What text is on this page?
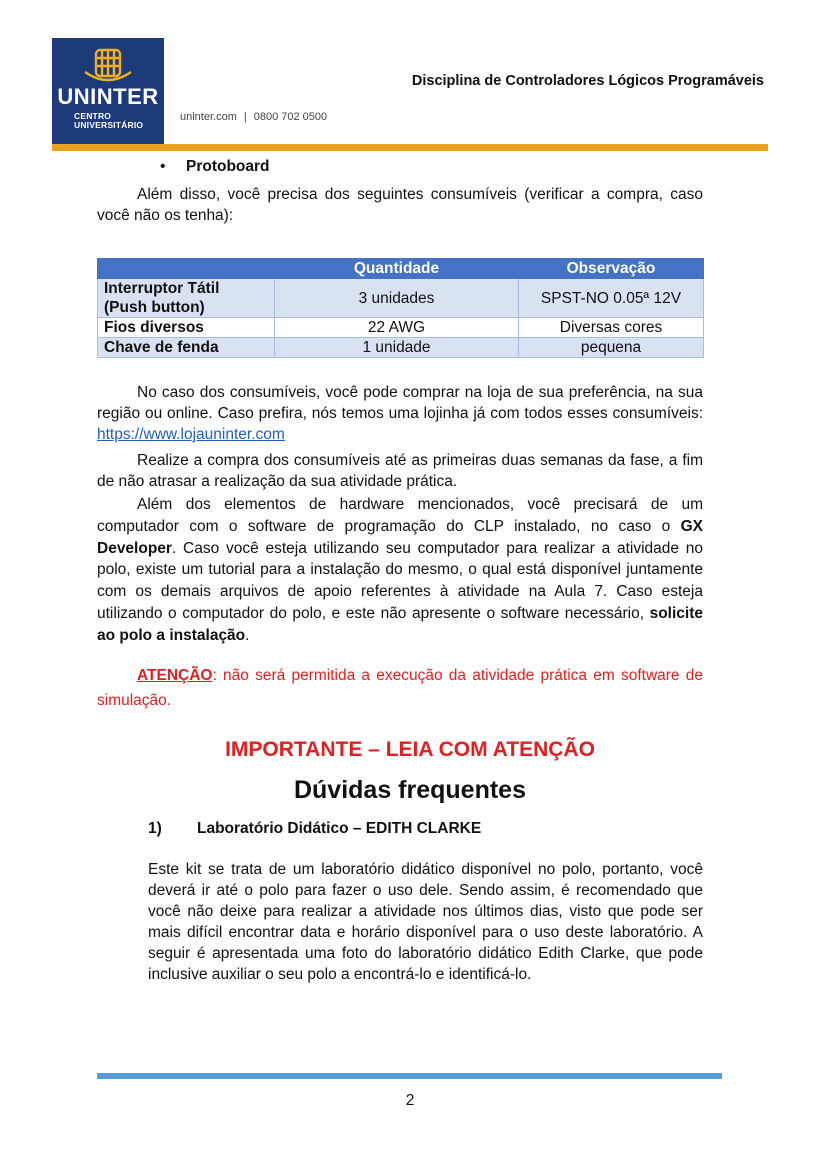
UNINTER
CENTRO
UNIVERSITÁRIO
uninter.com | 0800 702 0500
Disciplina de Controladores Lógicos Programáveis
• Protoboard
Além disso, você precisa dos seguintes consumíveis (verificar a compra, caso você não os tenha):
	Quantidade	Observação
Interruptor Tátil
(Push button)	3 unidades	SPST-NO 0.05ª 12V
Fios diversos	22 AWG	Diversas cores
Chave de fenda	1 unidade	pequena
No caso dos consumíveis, você pode comprar na loja de sua preferência, na sua região ou online. Caso prefira, nós temos uma lojinha já com todos esses consumíveis: https://www.lojauninter.com
Realize a compra dos consumíveis até as primeiras duas semanas da fase, a fim de não atrasar a realização da sua atividade prática.
Além dos elementos de hardware mencionados, você precisará de um computador com o software de programação do CLP instalado, no caso o GX Developer. Caso você esteja utilizando seu computador para realizar a atividade no polo, existe um tutorial para a instalação do mesmo, o qual está disponível juntamente com os demais arquivos de apoio referentes à atividade na Aula 7. Caso esteja utilizando o computador do polo, e este não apresente o software necessário, solicite ao polo a instalação.
ATENÇÃO: não será permitida a execução da atividade prática em software de simulação.
IMPORTANTE – LEIA COM ATENÇÃO
Dúvidas frequentes
1) Laboratório Didático – EDITH CLARKE
Este kit se trata de um laboratório didático disponível no polo, portanto, você deverá ir até o polo para fazer o uso dele. Sendo assim, é recomendado que você não deixe para realizar a atividade nos últimos dias, visto que pode ser mais difícil encontrar data e horário disponível para o uso deste laboratório. A seguir é apresentada uma foto do laboratório didático Edith Clarke, que pode inclusive auxiliar o seu polo a encontrá-lo e identificá-lo.
2
